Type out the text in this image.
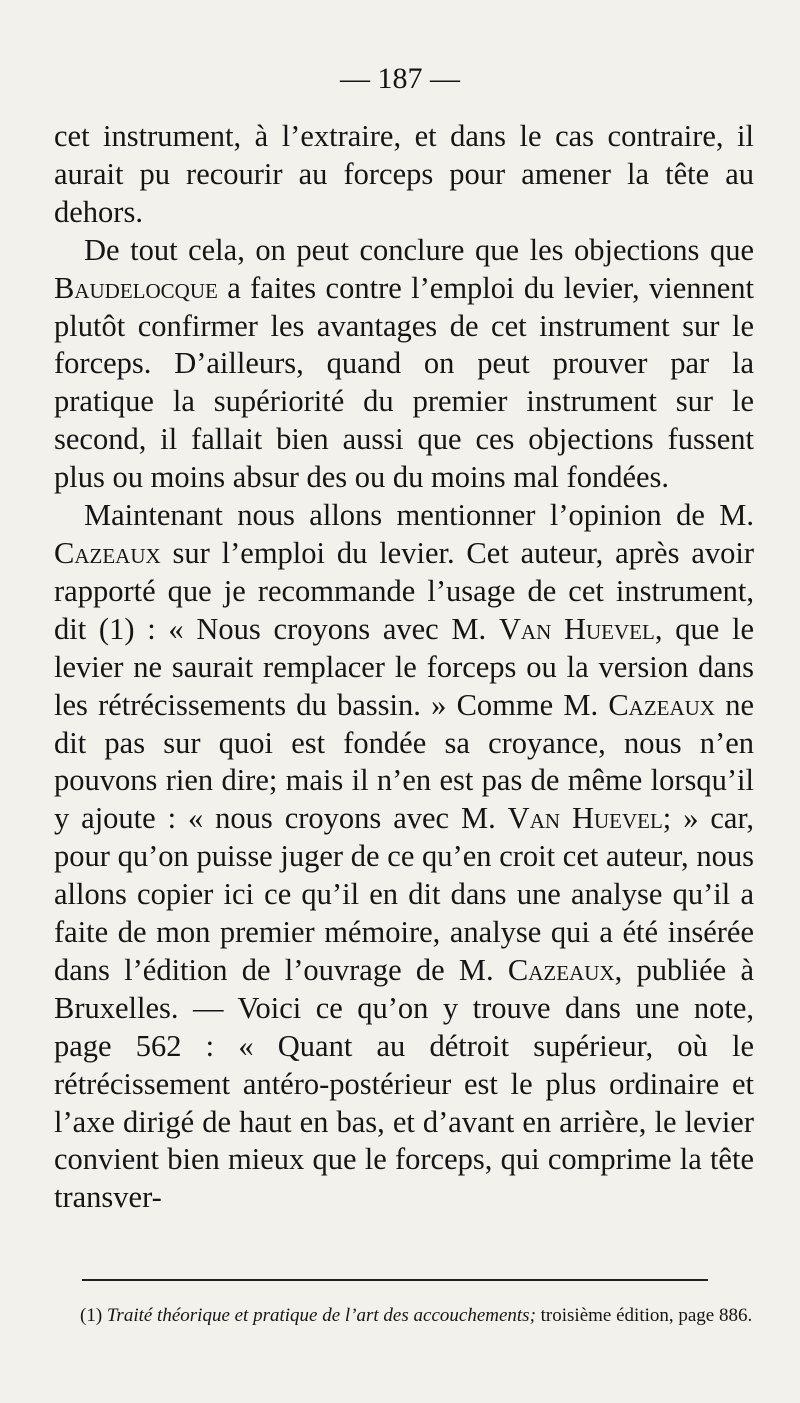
— 187 —

cet instrument, à l’extraire, et dans le cas contraire, il aurait pu recourir au forceps pour amener la tête au dehors.

De tout cela, on peut conclure que les objections que Baudelocque a faites contre l’emploi du levier, viennent plutôt confirmer les avantages de cet instrument sur le forceps. D’ailleurs, quand on peut prouver par la pratique la supériorité du premier instrument sur le second, il fallait bien aussi que ces objections fussent plus ou moins absur des ou du moins mal fondées.

Maintenant nous allons mentionner l’opinion de M. Cazeaux sur l’emploi du levier. Cet auteur, après avoir rapporté que je recommande l’usage de cet instrument, dit (1) : « Nous croyons avec M. Van Huevel, que le levier ne saurait remplacer le forceps ou la version dans les rétrécissements du bassin. » Comme M. Cazeaux ne dit pas sur quoi est fondée sa croyance, nous n’en pouvons rien dire; mais il n’en est pas de même lorsqu’il y ajoute : « nous croyons avec M. Van Huevel; » car, pour qu’on puisse juger de ce qu’en croit cet auteur, nous allons copier ici ce qu’il en dit dans une analyse qu’il a faite de mon premier mémoire, analyse qui a été insérée dans l’édition de l’ouvrage de M. Cazeaux, publiée à Bruxelles. — Voici ce qu’on y trouve dans une note, page 562 : « Quant au détroit supérieur, où le rétrécissement antéro-postérieur est le plus ordinaire et l’axe dirigé de haut en bas, et d’avant en arrière, le levier convient bien mieux que le forceps, qui comprime la tête transver-

(1) Traité théorique et pratique de l’art des accouchements; troisième édition, page 886.
